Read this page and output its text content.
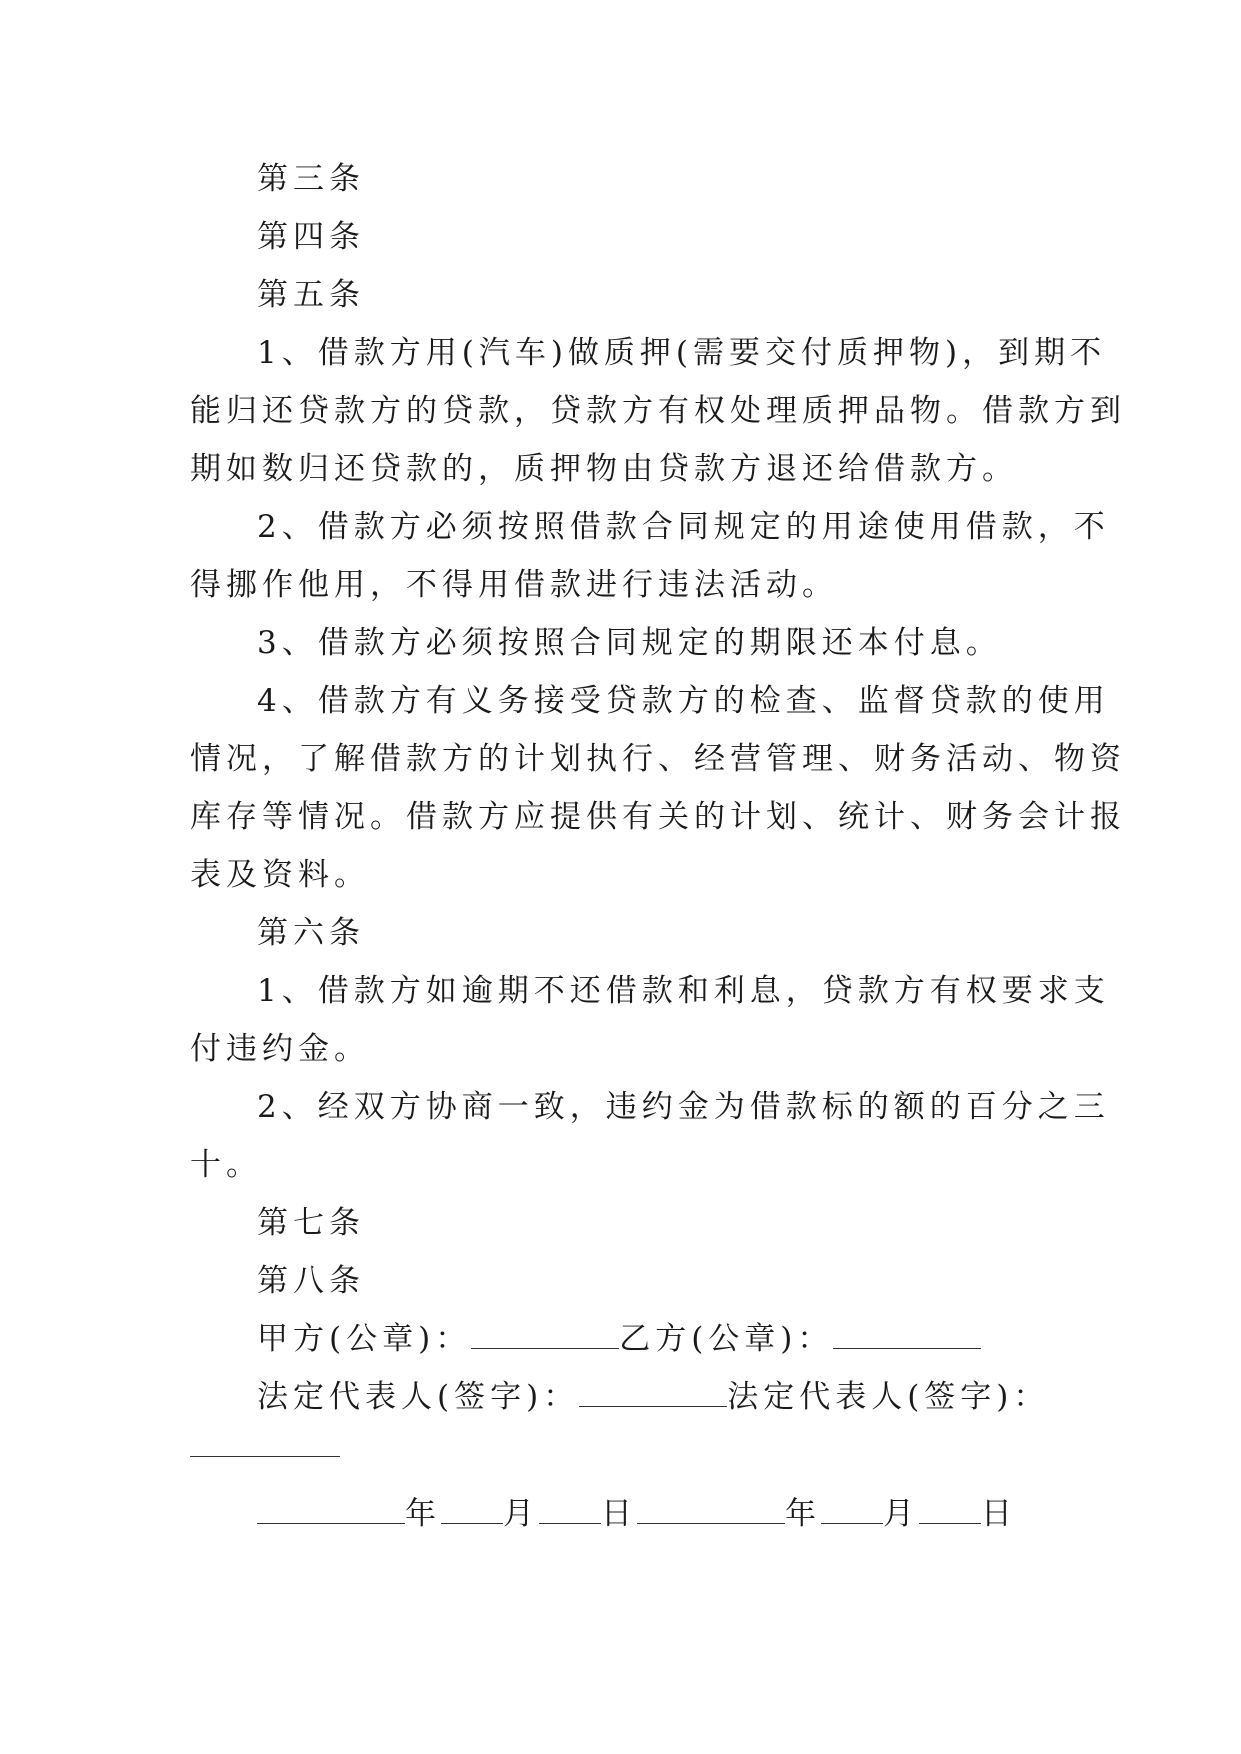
第三条
第四条
第五条
1、借款方用(汽车)做质押(需要交付质押物)，到期不
能归还贷款方的贷款，贷款方有权处理质押品物。借款方到
期如数归还贷款的，质押物由贷款方退还给借款方。
2、借款方必须按照借款合同规定的用途使用借款，不
得挪作他用，不得用借款进行违法活动。
3、借款方必须按照合同规定的期限还本付息。
4、借款方有义务接受贷款方的检查、监督贷款的使用
情况，了解借款方的计划执行、经营管理、财务活动、物资
库存等情况。借款方应提供有关的计划、统计、财务会计报
表及资料。
第六条
1、借款方如逾期不还借款和利息，贷款方有权要求支
付违约金。
2、经双方协商一致，违约金为借款标的额的百分之三
十。
第七条
第八条
甲方(公章)：	乙方(公章)：
法定代表人(签字)：	法定代表人(签字)：
年 月 日	年 月 日
